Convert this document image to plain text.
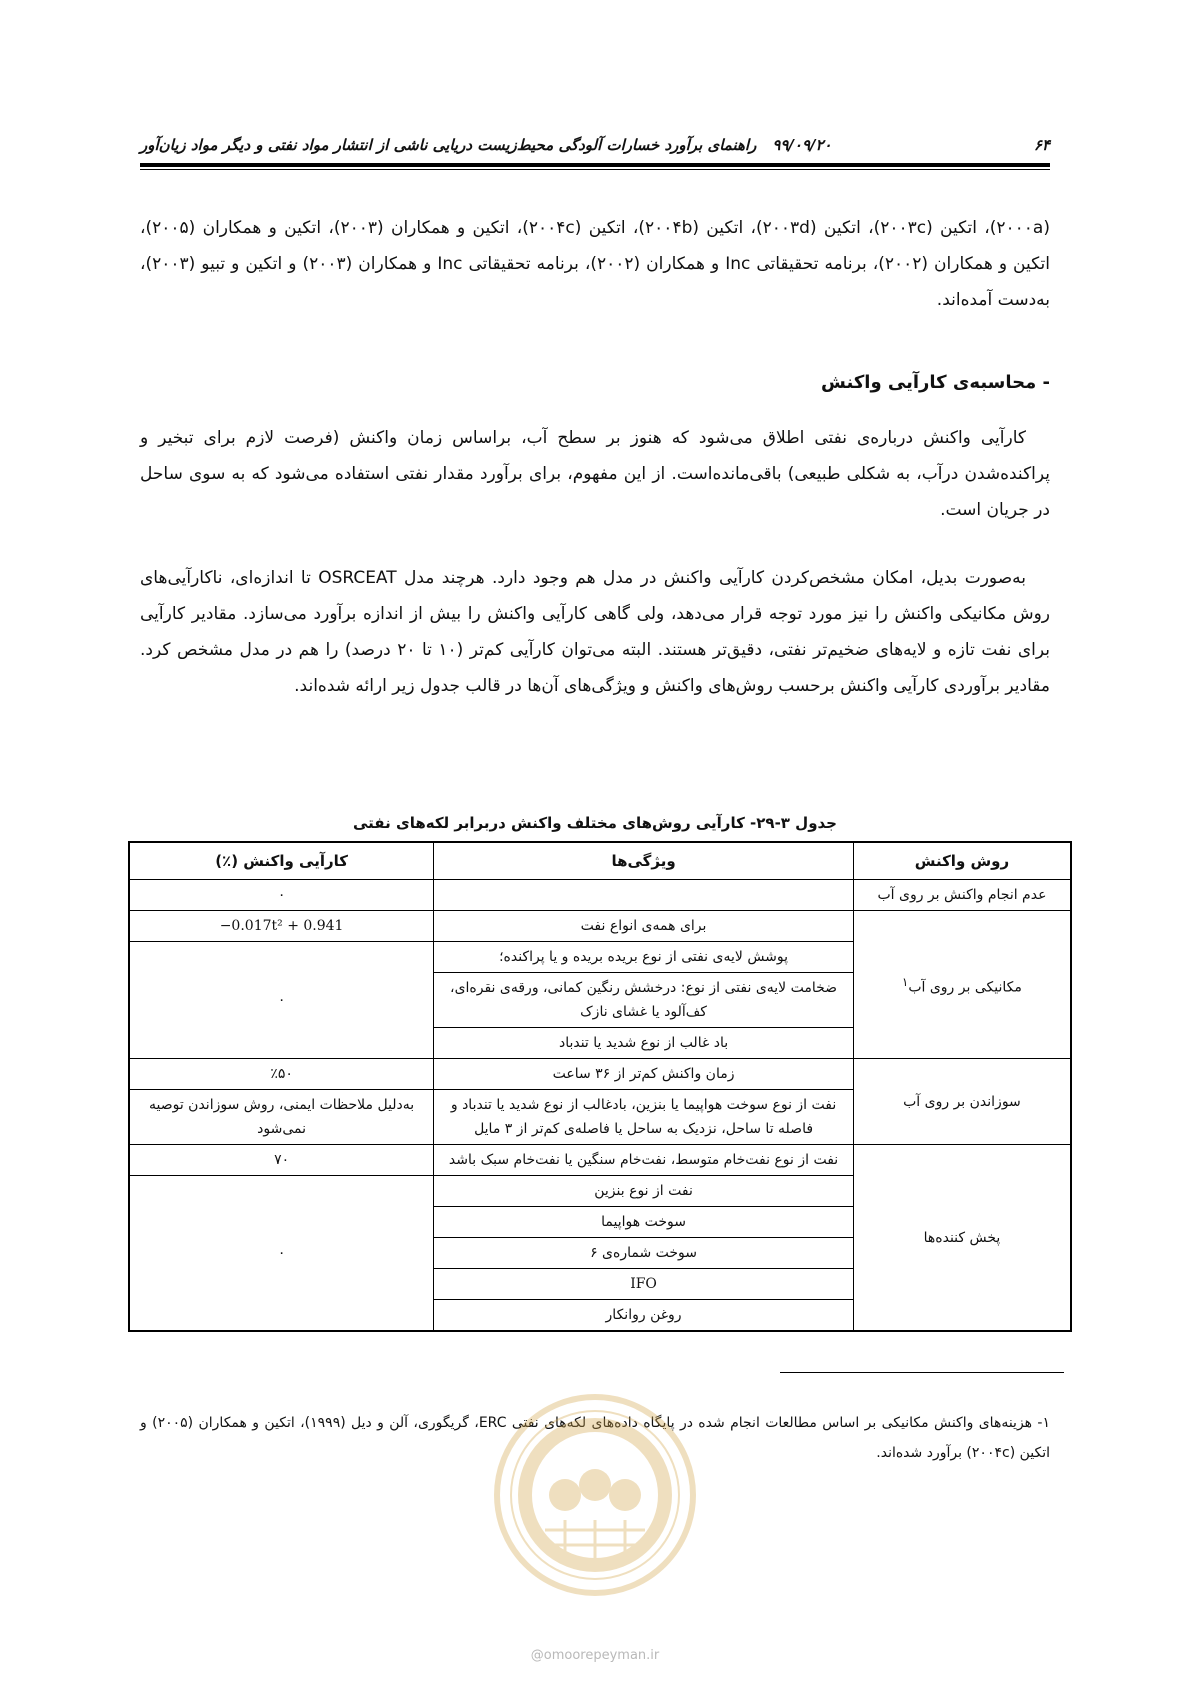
۶۴
۹۹/۰۹/۲۰
راهنمای برآورد خسارات آلودگی محیط‌زیست دریایی ناشی از انتشار مواد نفتی و دیگر مواد زیان‌آور

(۲۰۰۰a)، اتکین (۲۰۰۳c)، اتکین (۲۰۰۳d)، اتکین (۲۰۰۴b)، اتکین (۲۰۰۴c)، اتکین و همکاران (۲۰۰۳)، اتکین و همکاران (۲۰۰۵)، اتکین و همکاران (۲۰۰۲)، برنامه تحقیقاتی Inc و همکاران (۲۰۰۲)، برنامه تحقیقاتی Inc و همکاران (۲۰۰۳) و اتکین و تبیو (۲۰۰۳)، به‌دست آمده‌اند.

- محاسبه‌ی کارآیی واکنش

کارآیی واکنش درباره‌ی نفتی اطلاق می‌شود که هنوز بر سطح آب، براساس زمان واکنش (فرصت لازم برای تبخیر و پراکنده‌شدن درآب، به شکلی طبیعی) باقی‌مانده‌است. از این مفهوم، برای برآورد مقدار نفتی استفاده می‌شود که به سوی ساحل در جریان است.

به‌صورت بدیل، امکان مشخص‌کردن کارآیی واکنش در مدل هم وجود دارد. هرچند مدل OSRCEAT تا اندازه‌ای، ناکارآیی‌های روش مکانیکی واکنش را نیز مورد توجه قرار می‌دهد، ولی گاهی کارآیی واکنش را بیش از اندازه برآورد می‌سازد. مقادیر کارآیی برای نفت تازه و لایه‌های ضخیم‌تر نفتی، دقیق‌تر هستند. البته می‌توان کارآیی کم‌تر (۱۰ تا ۲۰ درصد) را هم در مدل مشخص کرد. مقادیر برآوردی کارآیی واکنش برحسب روش‌های واکنش و ویژگی‌های آن‌ها در قالب جدول زیر ارائه شده‌اند.

جدول ۳-۲۹- کارآیی روش‌های مختلف واکنش دربرابر لکه‌های نفتی
روش واکنش	ویژگی‌ها	کارآیی واکنش (٪)
عدم انجام واکنش بر روی آب		۰
مکانیکی بر روی آب$^۱$	برای همه‌ی انواع نفت	−0.017t² + 0.941
	پوشش لایه‌ی نفتی از نوع بریده بریده و یا پراکنده؛	۰
	ضخامت لایه‌ی نفتی از نوع: درخشش رنگین کمانی، ورقه‌ی نقره‌ای، کف‌آلود یا غشای نازک	
	باد غالب از نوع شدید یا تندباد	
سوزاندن بر روی آب	زمان واکنش کم‌تر از ۳۶ ساعت	٪۵۰
	نفت از نوع سوخت هواپیما یا بنزین، بادغالب از نوع شدید یا تندباد و فاصله تا ساحل، نزدیک به ساحل یا فاصله‌ی کم‌تر از ۳ مایل	به‌دلیل ملاحظات ایمنی، روش سوزاندن توصیه نمی‌شود
پخش کننده‌ها	نفت از نوع نفت‌خام متوسط، نفت‌خام سنگین یا نفت‌خام سبک باشد	۷۰
	نفت از نوع بنزین	۰
	سوخت هواپیما	
	سوخت شماره‌ی ۶	
	IFO	
	روغن روانکار	
۱- هزینه‌های واکنش مکانیکی بر اساس مطالعات انجام شده در پایگاه داده‌های لکه‌های نفتی ERC، گریگوری، آلن و دیل (۱۹۹۹)، اتکین و همکاران (۲۰۰۵) و اتکین (۲۰۰۴c) برآورد شده‌اند.
@omoorepeyman.ir
